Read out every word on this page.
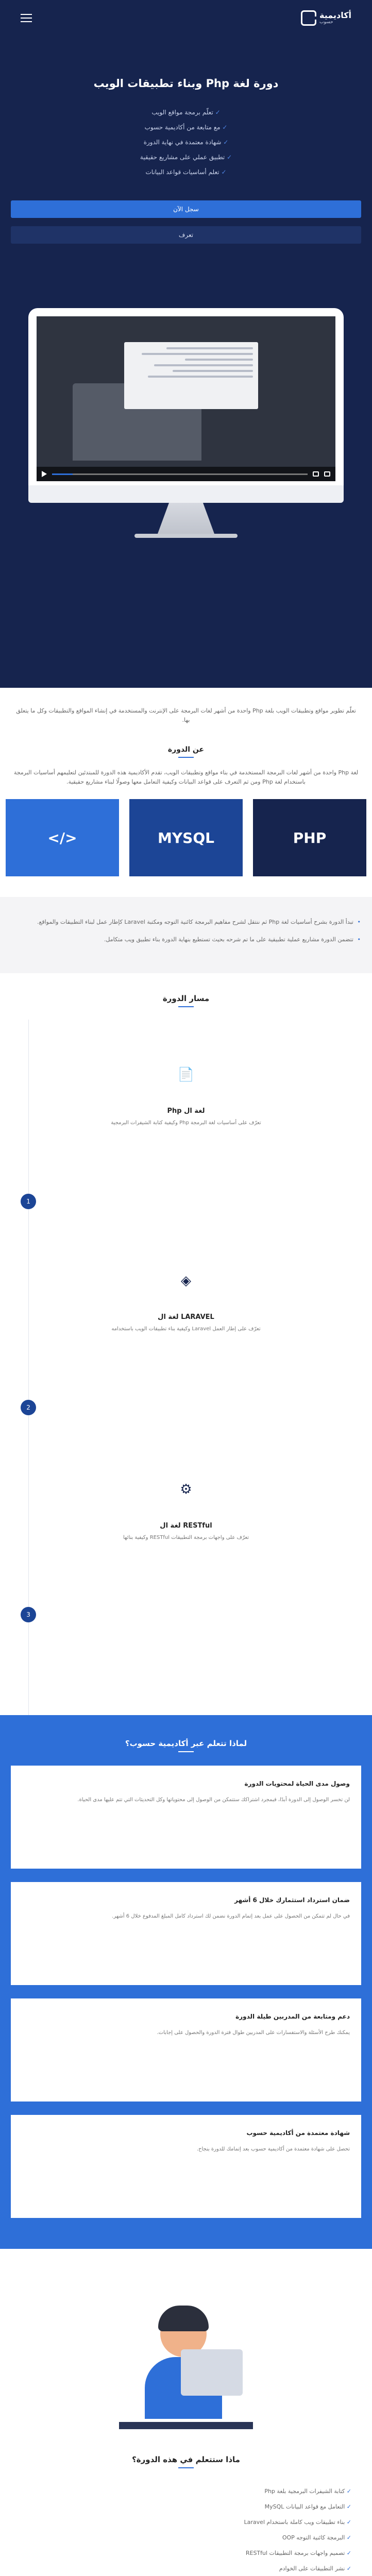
أكاديمية
حسوب
دورة لغة Php وبناء تطبيقات الويب
✓ تعلّم برمجة مواقع الويب
✓ مع متابعة من أكاديمية حسوب
✓ شهادة معتمدة في نهاية الدورة
✓ تطبيق عملي على مشاريع حقيقية
✓ تعلم أساسيات قواعد البيانات
سجل الآن
تعرف

تعلّم تطوير مواقع وتطبيقات الويب بلغة Php واحدة من أشهر لغات البرمجة على الإنترنت والمستخدمة في إنشاء المواقع والتطبيقات وكل ما يتعلق بها.

عن الدورة

لغة Php واحدة من أشهر لغات البرمجة المستخدمة في بناء مواقع وتطبيقات الويب، تقدم الأكاديمية هذه الدورة للمبتدئين لتعليمهم أساسيات البرمجة باستخدام لغة Php ومن ثم التعرف على قواعد البيانات وكيفية التعامل معها وصولًا لبناء مشاريع حقيقية.

PHP
MYSQL
</>
• تبدأ الدورة بشرح أساسيات لغة Php ثم ننتقل لشرح مفاهيم البرمجة كائنية التوجه ومكتبة Laravel كإطار عمل لبناء التطبيقات والمواقع.
• تتضمن الدورة مشاريع عملية تطبيقية على ما تم شرحه بحيث تستطيع بنهاية الدورة بناء تطبيق ويب متكامل.
مسار الدورة
📄
لغة ال Php

تعرّف على أساسيات لغة البرمجة Php وكيفية كتابة الشيفرات البرمجية

1
◈
LARAVEL لغة ال

تعرّف على إطار العمل Laravel وكيفية بناء تطبيقات الويب باستخدامه

2
⚙
RESTful لغة ال

تعرّف على واجهات برمجة التطبيقات RESTful وكيفية بنائها

3
لماذا تتعلم عبر أكاديمية حسوب؟
وصول مدى الحياة لمحتويات الدورة

لن تخسر الوصول إلى الدورة أبدًا، فبمجرد اشتراكك ستتمكن من الوصول إلى محتوياتها وكل التحديثات التي تتم عليها مدى الحياة.

ضمان استرداد استثمارك خلال 6 أشهر

في حال لم تتمكن من الحصول على عمل بعد إتمام الدورة نضمن لك استرداد كامل المبلغ المدفوع خلال 6 أشهر.

دعم ومتابعة من المدربين طيلة الدورة

يمكنك طرح الأسئلة والاستفسارات على المدربين طوال فترة الدورة والحصول على إجابات.

شهادة معتمدة من أكاديمية حسوب

تحصل على شهادة معتمدة من أكاديمية حسوب بعد إتمامك للدورة بنجاح.

ماذا ستتعلم في هذه الدورة؟
✓ كتابة الشيفرات البرمجية بلغة Php
✓ التعامل مع قواعد البيانات MySQL
✓ بناء تطبيقات ويب كاملة باستخدام Laravel
✓ البرمجة كائنية التوجه OOP
✓ تصميم واجهات برمجة التطبيقات RESTful
✓ نشر التطبيقات على الخوادم
